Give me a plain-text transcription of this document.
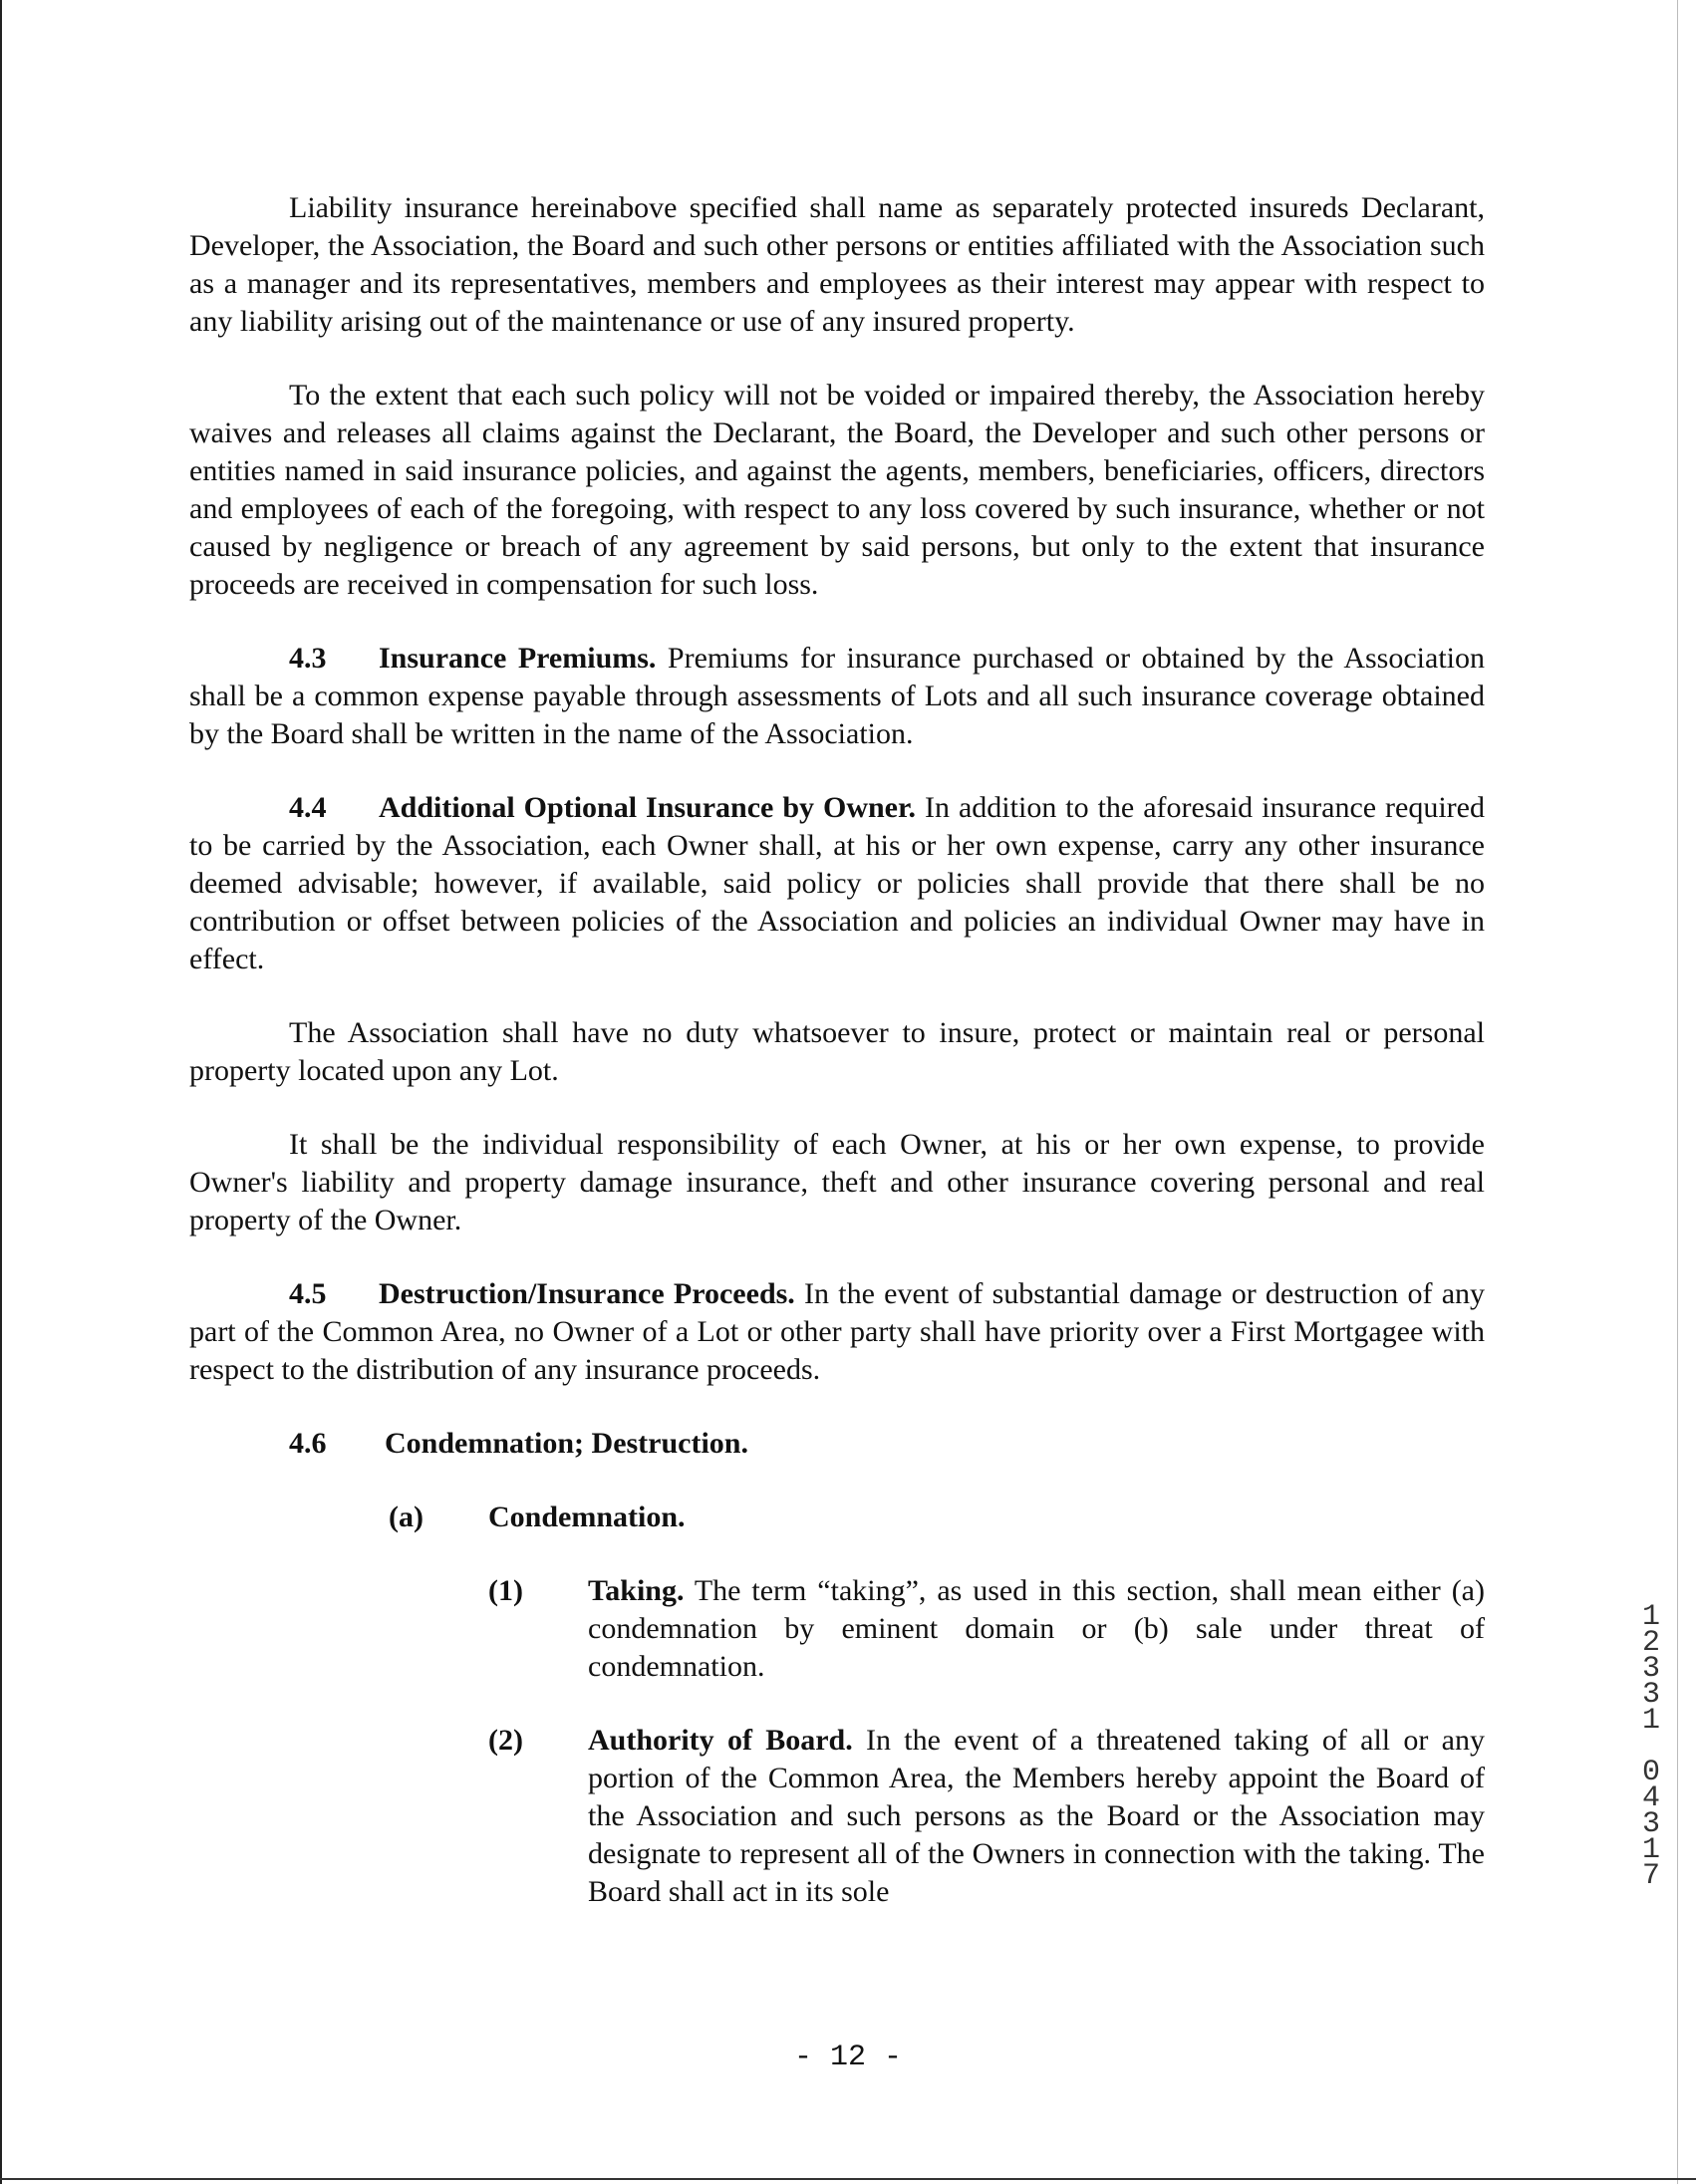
Liability insurance hereinabove specified shall name as separately protected insureds Declarant, Developer, the Association, the Board and such other persons or entities affiliated with the Association such as a manager and its representatives, members and employees as their interest may appear with respect to any liability arising out of the maintenance or use of any insured property.

To the extent that each such policy will not be voided or impaired thereby, the Association hereby waives and releases all claims against the Declarant, the Board, the Developer and such other persons or entities named in said insurance policies, and against the agents, members, beneficiaries, officers, directors and employees of each of the foregoing, with respect to any loss covered by such insurance, whether or not caused by negligence or breach of any agreement by said persons, but only to the extent that insurance proceeds are received in compensation for such loss.

4.3 Insurance Premiums. Premiums for insurance purchased or obtained by the Association shall be a common expense payable through assessments of Lots and all such insurance coverage obtained by the Board shall be written in the name of the Association.

4.4 Additional Optional Insurance by Owner. In addition to the aforesaid insurance required to be carried by the Association, each Owner shall, at his or her own expense, carry any other insurance deemed advisable; however, if available, said policy or policies shall provide that there shall be no contribution or offset between policies of the Association and policies an individual Owner may have in effect.

The Association shall have no duty whatsoever to insure, protect or maintain real or personal property located upon any Lot.

It shall be the individual responsibility of each Owner, at his or her own expense, to provide Owner's liability and property damage insurance, theft and other insurance covering personal and real property of the Owner.

4.5 Destruction/Insurance Proceeds. In the event of substantial damage or destruction of any part of the Common Area, no Owner of a Lot or other party shall have priority over a First Mortgagee with respect to the distribution of any insurance proceeds.

4.6 Condemnation; Destruction.
(a) Condemnation.
(1) Taking. The term “taking”, as used in this section, shall mean either (a) condemnation by eminent domain or (b) sale under threat of condemnation.
(2) Authority of Board. In the event of a threatened taking of all or any portion of the Common Area, the Members hereby appoint the Board of the Association and such persons as the Board or the Association may designate to represent all of the Owners in connection with the taking. The Board shall act in its sole
1
2
3
3
1
0
4
3
1
7
- 12 -
